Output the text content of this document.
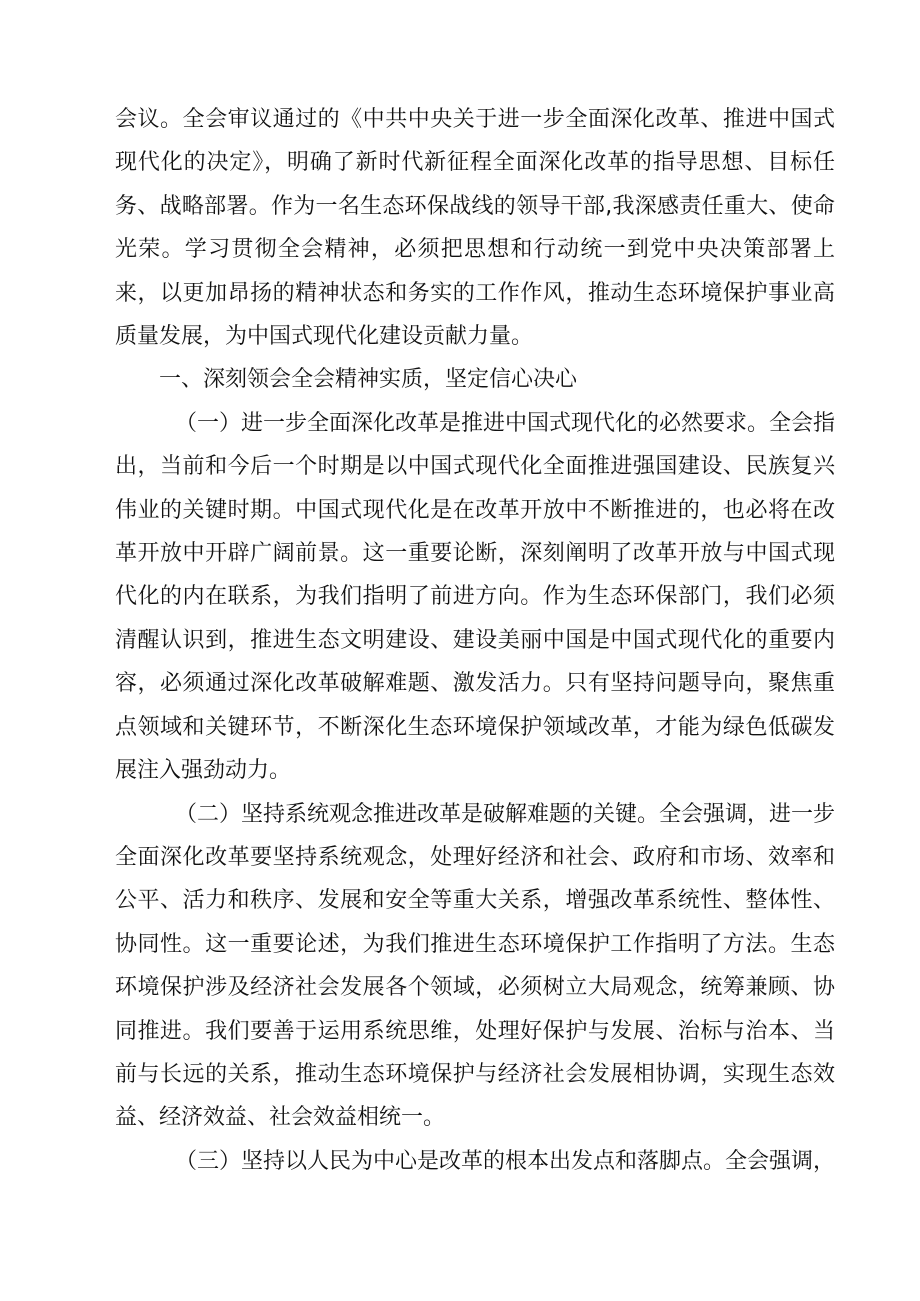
会议。全会审议通过的《中共中央关于进一步全面深化改革、推进中国式现代化的决定》，明确了新时代新征程全面深化改革的指导思想、目标任务、战略部署。作为一名生态环保战线的领导干部,我深感责任重大、使命光荣。学习贯彻全会精神，必须把思想和行动统一到党中央决策部署上来，以更加昂扬的精神状态和务实的工作作风，推动生态环境保护事业高质量发展，为中国式现代化建设贡献力量。

一、深刻领会全会精神实质，坚定信心决心

（一）进一步全面深化改革是推进中国式现代化的必然要求。全会指出，当前和今后一个时期是以中国式现代化全面推进强国建设、民族复兴伟业的关键时期。中国式现代化是在改革开放中不断推进的，也必将在改革开放中开辟广阔前景。这一重要论断，深刻阐明了改革开放与中国式现代化的内在联系，为我们指明了前进方向。作为生态环保部门，我们必须清醒认识到，推进生态文明建设、建设美丽中国是中国式现代化的重要内容，必须通过深化改革破解难题、激发活力。只有坚持问题导向，聚焦重点领域和关键环节，不断深化生态环境保护领域改革，才能为绿色低碳发展注入强劲动力。

（二）坚持系统观念推进改革是破解难题的关键。全会强调，进一步全面深化改革要坚持系统观念，处理好经济和社会、政府和市场、效率和公平、活力和秩序、发展和安全等重大关系，增强改革系统性、整体性、协同性。这一重要论述，为我们推进生态环境保护工作指明了方法。生态环境保护涉及经济社会发展各个领域，必须树立大局观念，统筹兼顾、协同推进。我们要善于运用系统思维，处理好保护与发展、治标与治本、当前与长远的关系，推动生态环境保护与经济社会发展相协调，实现生态效益、经济效益、社会效益相统一。

（三）坚持以人民为中心是改革的根本出发点和落脚点。全会强调，
